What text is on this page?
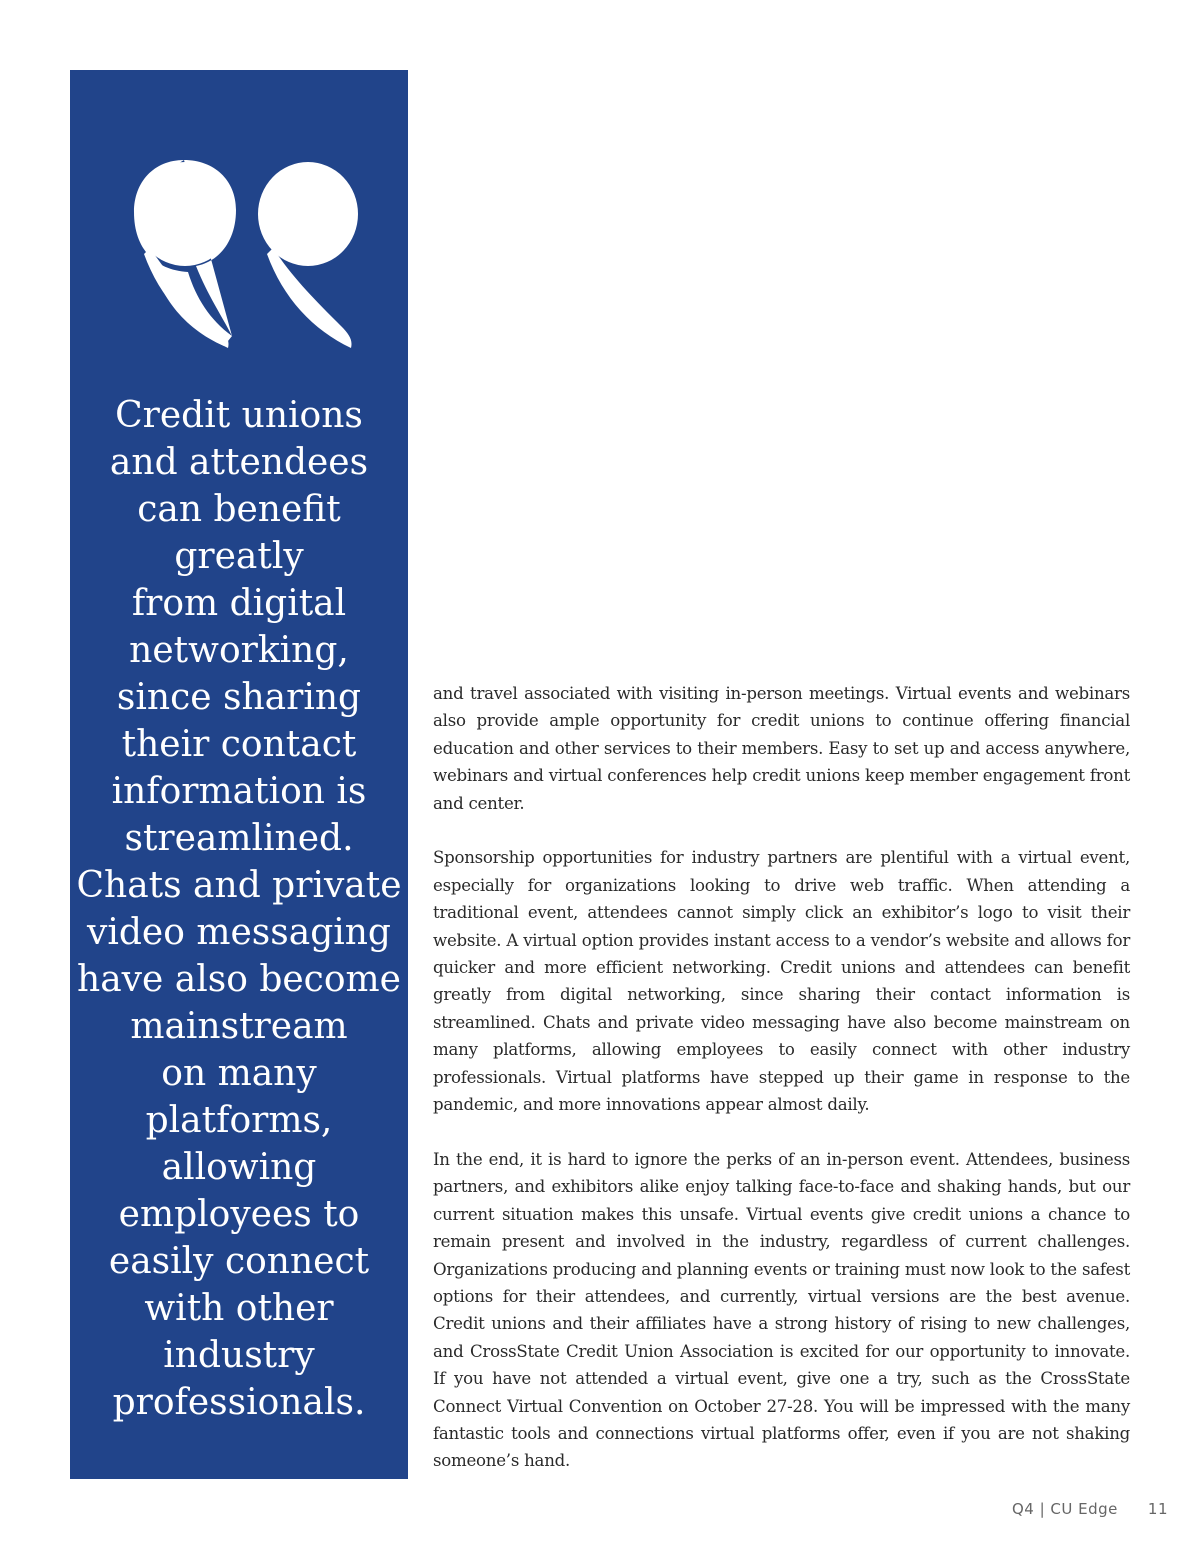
Credit unions
and attendees
can benefit
greatly
from digital
networking,
since sharing
their contact
information is
streamlined.
Chats and private
video messaging
have also become
mainstream
on many
platforms,
allowing
employees to
easily connect
with other
industry
professionals.

and travel associated with visiting in-person meetings. Virtual events and webinars also provide ample opportunity for credit unions to continue offering financial education and other services to their members. Easy to set up and access anywhere, webinars and virtual conferences help credit unions keep member engagement front and center.

Sponsorship opportunities for industry partners are plentiful with a virtual event, especially for organizations looking to drive web traffic. When attending a traditional event, attendees cannot simply click an exhibitor’s logo to visit their website. A virtual option provides instant access to a vendor’s website and allows for quicker and more efficient networking. Credit unions and attendees can benefit greatly from digital networking, since sharing their contact information is streamlined. Chats and private video messaging have also become mainstream on many platforms, allowing employees to easily connect with other industry professionals. Virtual platforms have stepped up their game in response to the pandemic, and more innovations appear almost daily.

In the end, it is hard to ignore the perks of an in-person event. Attendees, business partners, and exhibitors alike enjoy talking face-to-face and shaking hands, but our current situation makes this unsafe. Virtual events give credit unions a chance to remain present and involved in the industry, regardless of current challenges. Organizations producing and planning events or training must now look to the safest options for their attendees, and currently, virtual versions are the best avenue. Credit unions and their affiliates have a strong history of rising to new challenges, and CrossState Credit Union Association is excited for our opportunity to innovate. If you have not attended a virtual event, give one a try, such as the CrossState Connect Virtual Convention on October 27-28. You will be impressed with the many fantastic tools and connections virtual platforms offer, even if you are not shaking someone’s hand.

Q4 | CU Edge 11
